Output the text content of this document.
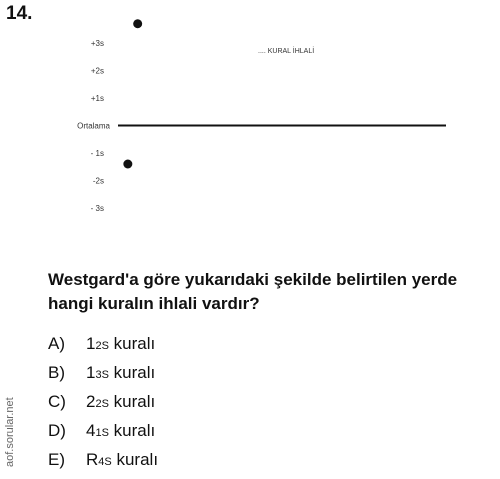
14.
+3s
+2s
+1s
Ortalama
- 1s
-2s
- 3s
.... KURAL İHLALİ
Westgard'a göre yukarıdaki şekilde belirtilen yerde hangi kuralın ihlali vardır?
A) 12S kuralı
B) 13S kuralı
C) 22S kuralı
D) 41S kuralı
E) R4S kuralı
aof.sorular.net
